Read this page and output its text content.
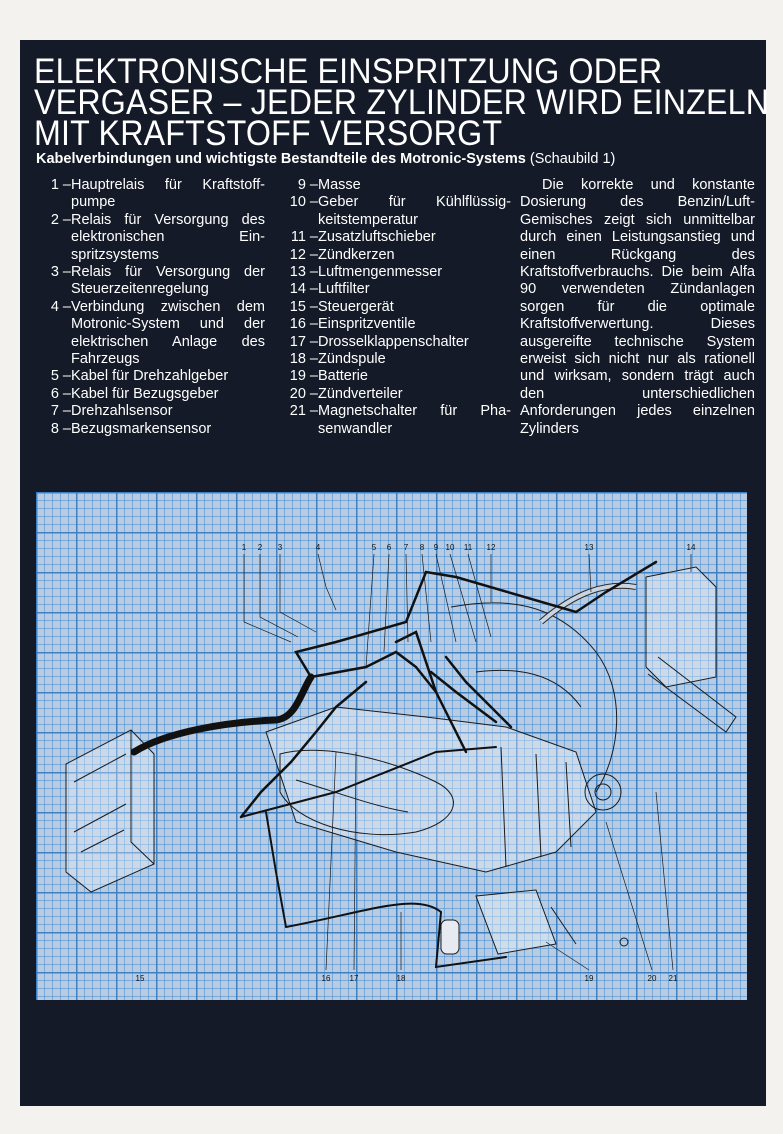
ELEKTRONISCHE EINSPRITZUNG ODER
VERGASER – JEDER ZYLINDER WIRD EINZELN
MIT KRAFTSTOFF VERSORGT
Kabelverbindungen und wichtigste Bestandteile des Motronic-Systems (Schaubild 1)
1 – Hauptrelais für Kraftstoffpumpe
2 – Relais für Versorgung des elektronischen Einspritzsystems
3 – Relais für Versorgung der Steuerzeitenregelung
4 – Verbindung zwischen dem Motronic-System und der elektrischen Anlage des Fahrzeugs
5 – Kabel für Drehzahlgeber
6 – Kabel für Bezugsgeber
7 – Drehzahlsensor
8 – Bezugsmarkensensor
9 – Masse
10 – Geber für Kühlflüssigkeitstemperatur
11 – Zusatzluftschieber
12 – Zündkerzen
13 – Luftmengenmesser
14 – Luftfilter
15 – Steuergerät
16 – Einspritzventile
17 – Drosselklappenschalter
18 – Zündspule
19 – Batterie
20 – Zündverteiler
21 – Magnetschalter für Phasenwandler

Die korrekte und konstante Dosierung des Benzin/Luft-Gemisches zeigt sich unmittelbar durch einen Leistungsanstieg und einen Rückgang des Kraftstoffverbrauchs. Die beim Alfa 90 verwendeten Zündanlagen sorgen für die optimale Kraftstoffverwertung. Dieses ausgereifte technische System erweist sich nicht nur als rationell und wirksam, sondern trägt auch den unterschiedlichen Anforderungen jedes einzelnen Zylinders

1 2 3	4	5 6 7 8 9 10 11 12	13	14
15	16 17	18	19	20 21
